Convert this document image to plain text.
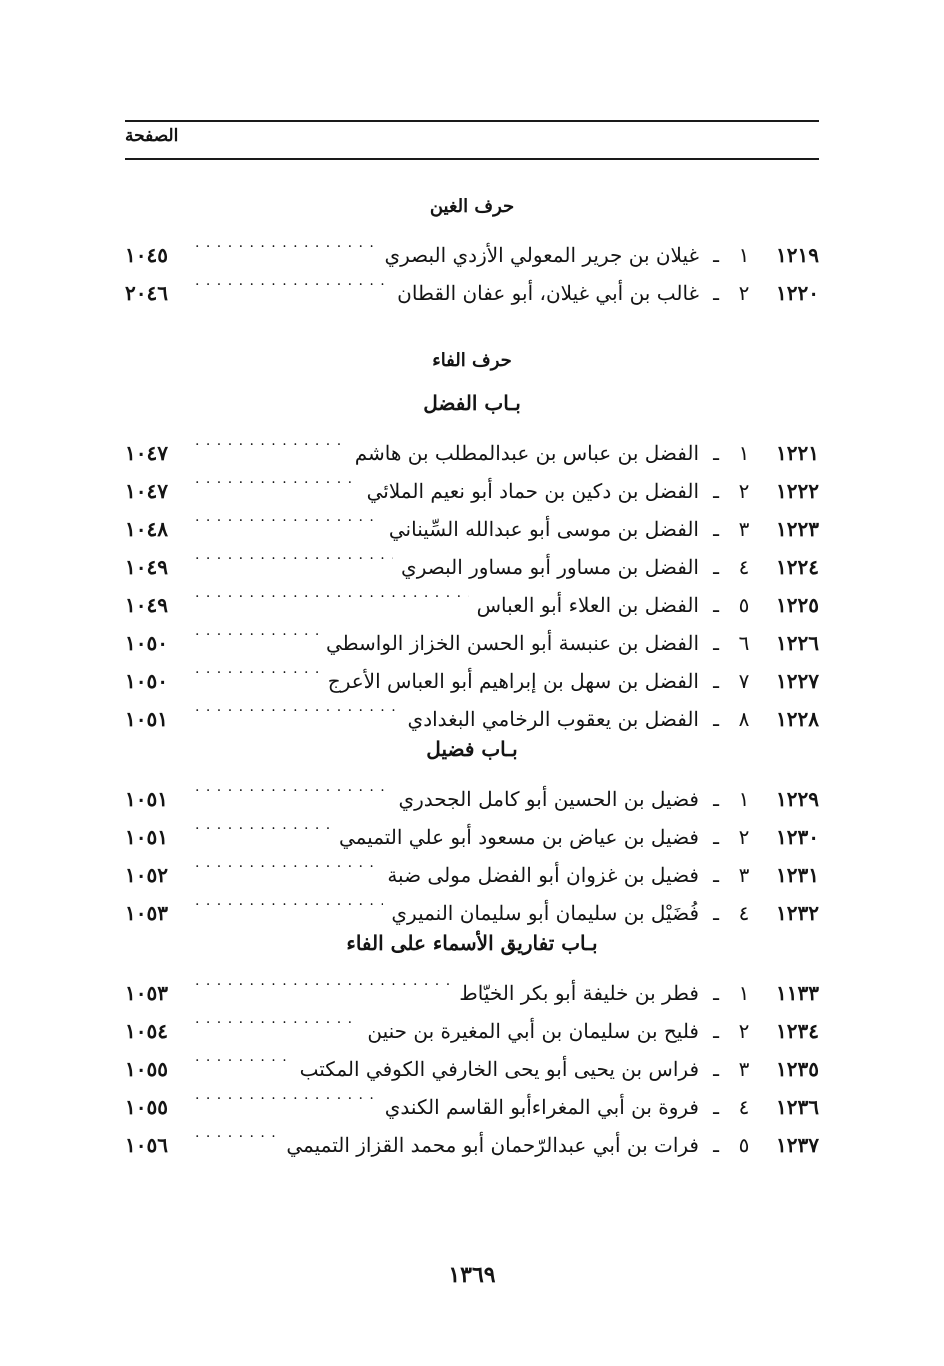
الصفحة
حرف الغين
١٢١٩
١
ـ
غيلان بن جرير المعولي الأزدي البصري
. . .
١٠٤٥
١٢٢٠
٢
ـ
غالب بن أبي غيلان، أبو عفان القطان
. . .
٢٠٤٦
حرف الفاء
بـاب الفضل
١٢٢١
١
ـ
الفضل بن عباس بن عبدالمطلب بن هاشم
. . .
١٠٤٧
١٢٢٢
٢
ـ
الفضل بن دكين بن حماد أبو نعيم الملائي
. . .
١٠٤٧
١٢٢٣
٣
ـ
الفضل بن موسى أبو عبدالله السِّيناني
. . .
١٠٤٨
١٢٢٤
٤
ـ
الفضل بن مساور أبو مساور البصري
. . .
١٠٤٩
١٢٢٥
٥
ـ
الفضل بن العلاء أبو العباس
. . .
١٠٤٩
١٢٢٦
٦
ـ
الفضل بن عنبسة أبو الحسن الخزاز الواسطي
. . .
١٠٥٠
١٢٢٧
٧
ـ
الفضل بن سهل بن إبراهيم أبو العباس الأعرج
. . .
١٠٥٠
١٢٢٨
٨
ـ
الفضل بن يعقوب الرخامي البغدادي
. . .
١٠٥١
بـاب فضيل
١٢٢٩
١
ـ
فضيل بن الحسين أبو كامل الجحدري
. . .
١٠٥١
١٢٣٠
٢
ـ
فضيل بن عياض بن مسعود أبو علي التميمي
. . .
١٠٥١
١٢٣١
٣
ـ
فضيل بن غزوان أبو الفضل مولى ضبة
. . .
١٠٥٢
١٢٣٢
٤
ـ
فُضَيْل بن سليمان أبو سليمان النميري
. . .
١٠٥٣
بـاب تفاريق الأسماء على الفاء
١١٣٣
١
ـ
فطر بن خليفة أبو بكر الخيّاط
. . .
١٠٥٣
١٢٣٤
٢
ـ
فليح بن سليمان بن أبي المغيرة بن حنين
. . .
١٠٥٤
١٢٣٥
٣
ـ
فراس بن يحيى أبو يحى الخارفي الكوفي المكتب
. . .
١٠٥٥
١٢٣٦
٤
ـ
فروة بن أبي المغراءأبو القاسم الكندي
. . .
١٠٥٥
١٢٣٧
٥
ـ
فرات بن أبي عبدالرّحمان أبو محمد القزاز التميمي
. . .
١٠٥٦
١٣٦٩
